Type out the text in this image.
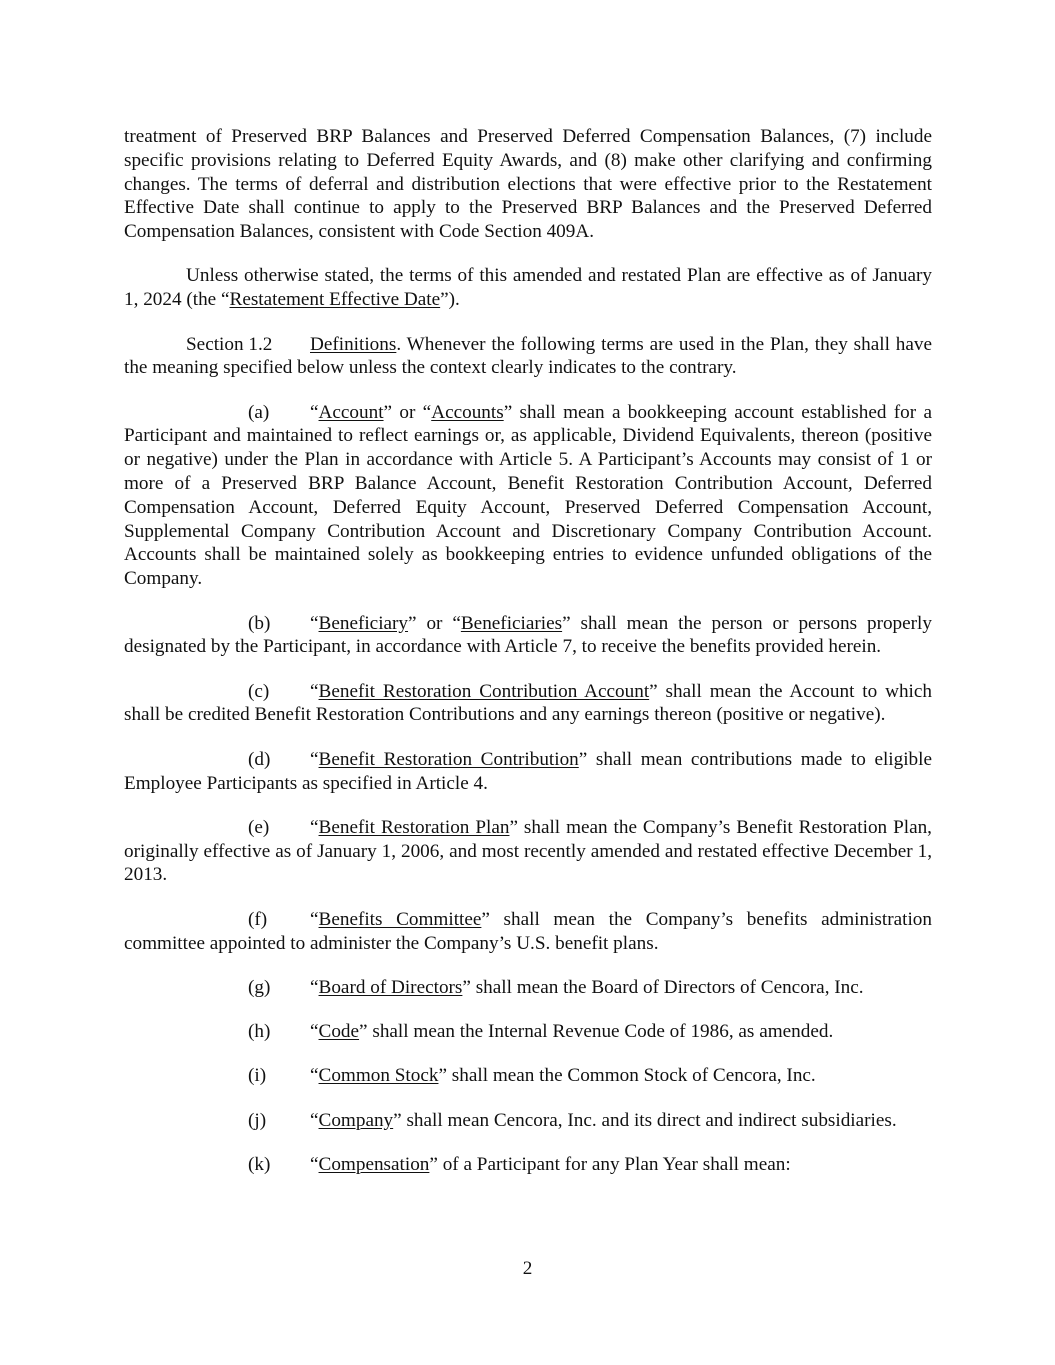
treatment of Preserved BRP Balances and Preserved Deferred Compensation Balances, (7) include specific provisions relating to Deferred Equity Awards, and (8) make other clarifying and confirming changes. The terms of deferral and distribution elections that were effective prior to the Restatement Effective Date shall continue to apply to the Preserved BRP Balances and the Preserved Deferred Compensation Balances, consistent with Code Section 409A.

Unless otherwise stated, the terms of this amended and restated Plan are effective as of January 1, 2024 (the “Restatement Effective Date”).

Section 1.2 Definitions. Whenever the following terms are used in the Plan, they shall have the meaning specified below unless the context clearly indicates to the contrary.

(a) “Account” or “Accounts” shall mean a bookkeeping account established for a Participant and maintained to reflect earnings or, as applicable, Dividend Equivalents, thereon (positive or negative) under the Plan in accordance with Article 5. A Participant’s Accounts may consist of 1 or more of a Preserved BRP Balance Account, Benefit Restoration Contribution Account, Deferred Compensation Account, Deferred Equity Account, Preserved Deferred Compensation Account, Supplemental Company Contribution Account and Discretionary Company Contribution Account. Accounts shall be maintained solely as bookkeeping entries to evidence unfunded obligations of the Company.

(b) “Beneficiary” or “Beneficiaries” shall mean the person or persons properly designated by the Participant, in accordance with Article 7, to receive the benefits provided herein.

(c) “Benefit Restoration Contribution Account” shall mean the Account to which shall be credited Benefit Restoration Contributions and any earnings thereon (positive or negative).

(d) “Benefit Restoration Contribution” shall mean contributions made to eligible Employee Participants as specified in Article 4.

(e) “Benefit Restoration Plan” shall mean the Company’s Benefit Restoration Plan, originally effective as of January 1, 2006, and most recently amended and restated effective December 1, 2013.

(f) “Benefits Committee” shall mean the Company’s benefits administration committee appointed to administer the Company’s U.S. benefit plans.

(g) “Board of Directors” shall mean the Board of Directors of Cencora, Inc.

(h) “Code” shall mean the Internal Revenue Code of 1986, as amended.

(i) “Common Stock” shall mean the Common Stock of Cencora, Inc.

(j) “Company” shall mean Cencora, Inc. and its direct and indirect subsidiaries.

(k) “Compensation” of a Participant for any Plan Year shall mean:

2
